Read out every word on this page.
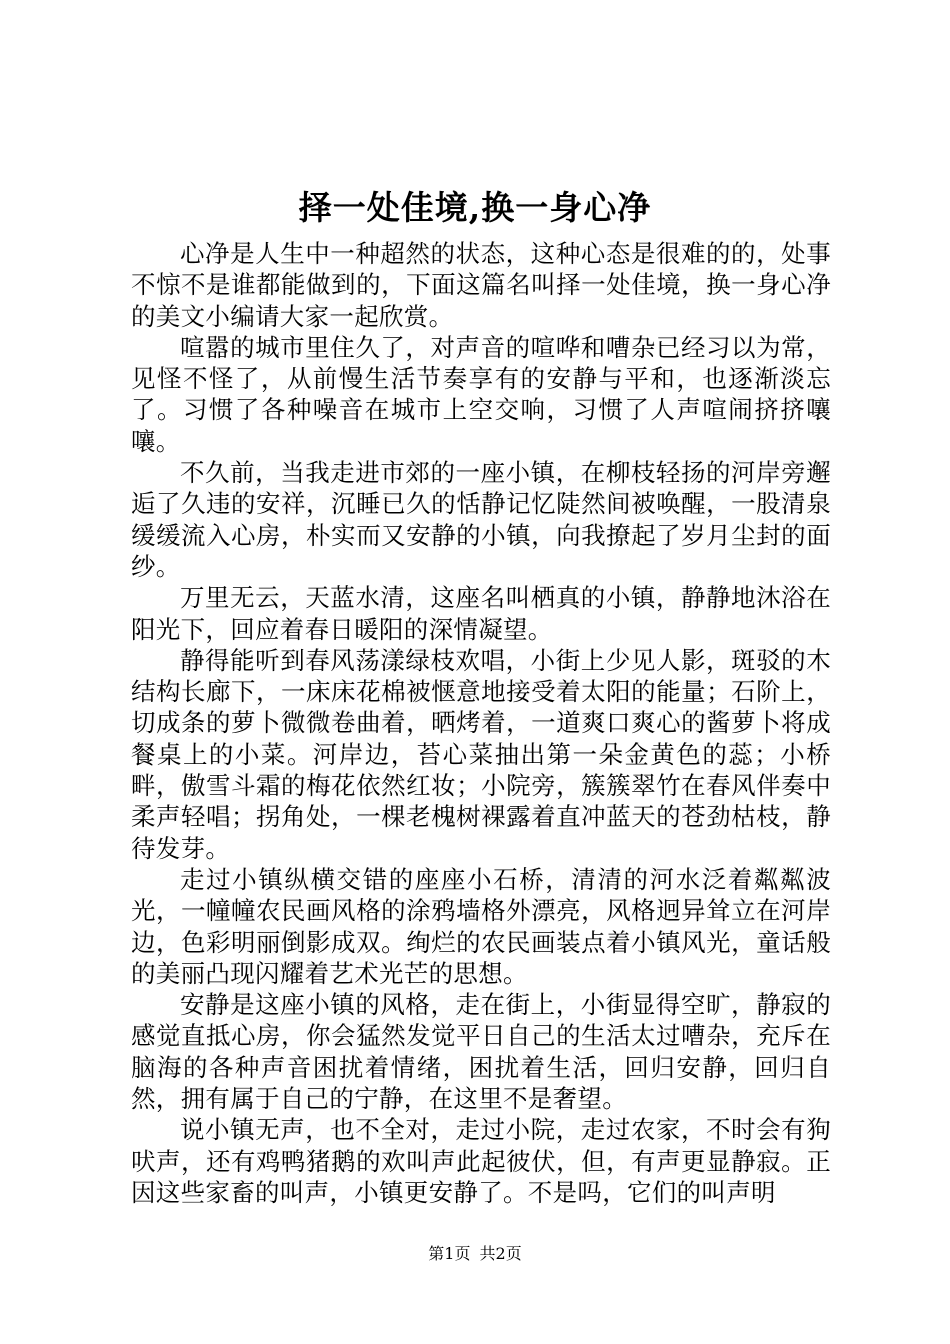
择一处佳境,换一身心净

心净是人生中一种超然的状态，这种心态是很难的的，处事不惊不是谁都能做到的，下面这篇名叫择一处佳境，换一身心净的美文小编请大家一起欣赏。

喧嚣的城市里住久了，对声音的喧哗和嘈杂已经习以为常，见怪不怪了，从前慢生活节奏享有的安静与平和，也逐渐淡忘了。习惯了各种噪音在城市上空交响，习惯了人声喧闹挤挤嚷嚷。

不久前，当我走进市郊的一座小镇，在柳枝轻扬的河岸旁邂逅了久违的安祥，沉睡已久的恬静记忆陡然间被唤醒，一股清泉缓缓流入心房，朴实而又安静的小镇，向我撩起了岁月尘封的面纱。

万里无云，天蓝水清，这座名叫栖真的小镇，静静地沐浴在阳光下，回应着春日暖阳的深情凝望。

静得能听到春风荡漾绿枝欢唱，小街上少见人影，斑驳的木结构长廊下，一床床花棉被惬意地接受着太阳的能量；石阶上，切成条的萝卜微微卷曲着，晒烤着，一道爽口爽心的酱萝卜将成餐桌上的小菜。河岸边，苔心菜抽出第一朵金黄色的蕊；小桥畔，傲雪斗霜的梅花依然红妆；小院旁，簇簇翠竹在春风伴奏中柔声轻唱；拐角处，一棵老槐树裸露着直冲蓝天的苍劲枯枝，静待发芽。

走过小镇纵横交错的座座小石桥，清清的河水泛着粼粼波光，一幢幢农民画风格的涂鸦墙格外漂亮，风格迥异耸立在河岸边，色彩明丽倒影成双。绚烂的农民画装点着小镇风光，童话般的美丽凸现闪耀着艺术光芒的思想。

安静是这座小镇的风格，走在街上，小街显得空旷，静寂的感觉直抵心房，你会猛然发觉平日自己的生活太过嘈杂，充斥在脑海的各种声音困扰着情绪，困扰着生活，回归安静，回归自然，拥有属于自己的宁静，在这里不是奢望。

说小镇无声，也不全对，走过小院，走过农家，不时会有狗吠声，还有鸡鸭猪鹅的欢叫声此起彼伏，但，有声更显静寂。正因这些家畜的叫声，小镇更安静了。不是吗，它们的叫声明

第1页 共2页
